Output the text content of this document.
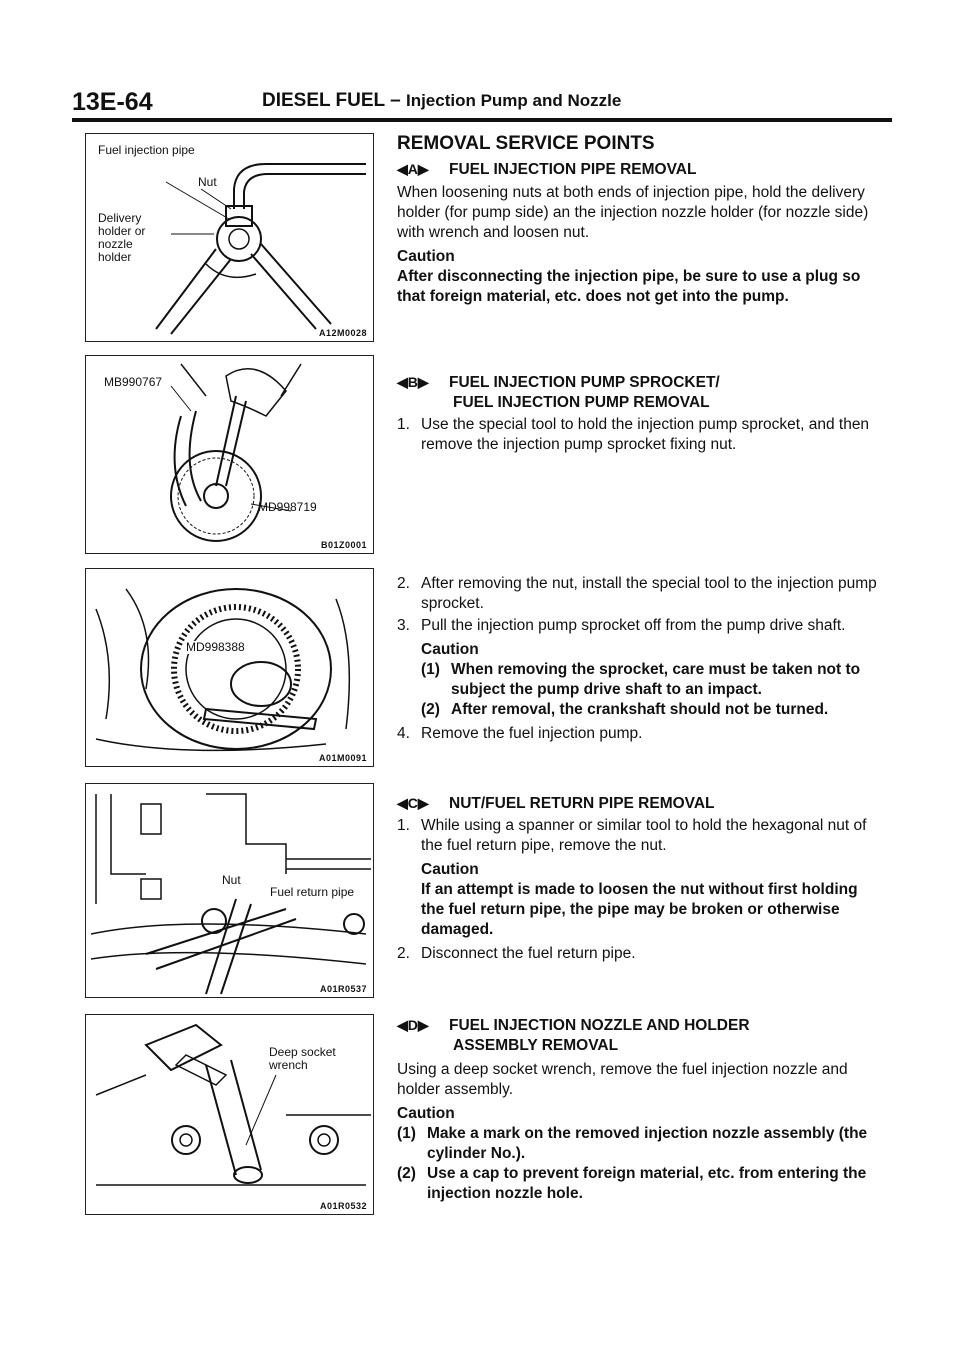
13E-64	DIESEL FUEL – Injection Pump and Nozzle
Fuel injection pipe
Nut
Delivery holder or nozzle holder
A12M0028
MB990767
MD998719
B01Z0001
MD998388
A01M0091
Nut
Fuel return pipe
A01R0537
Deep socket wrench
A01R0532
REMOVAL SERVICE POINTS
◀A▶ FUEL INJECTION PIPE REMOVAL

When loosening nuts at both ends of injection pipe, hold the delivery holder (for pump side) an the injection nozzle holder (for nozzle side) with wrench and loosen nut.

Caution

After disconnecting the injection pipe, be sure to use a plug so that foreign material, etc. does not get into the pump.

◀B▶ FUEL INJECTION PUMP SPROCKET/
FUEL INJECTION PUMP REMOVAL
1. Use the special tool to hold the injection pump sprocket, and then remove the injection pump sprocket fixing nut.
2. After removing the nut, install the special tool to the injection pump sprocket.
3. Pull the injection pump sprocket off from the pump drive shaft.
Caution
(1) When removing the sprocket, care must be taken not to subject the pump drive shaft to an impact.
(2) After removal, the crankshaft should not be turned.
4. Remove the fuel injection pump.
◀C▶ NUT/FUEL RETURN PIPE REMOVAL
1. While using a spanner or similar tool to hold the hexagonal nut of the fuel return pipe, remove the nut.
Caution
If an attempt is made to loosen the nut without first holding the fuel return pipe, the pipe may be broken or otherwise damaged.
2. Disconnect the fuel return pipe.
◀D▶ FUEL INJECTION NOZZLE AND HOLDER
ASSEMBLY REMOVAL

Using a deep socket wrench, remove the fuel injection nozzle and holder assembly.

Caution
(1) Make a mark on the removed injection nozzle assembly (the cylinder No.).
(2) Use a cap to prevent foreign material, etc. from entering the injection nozzle hole.
